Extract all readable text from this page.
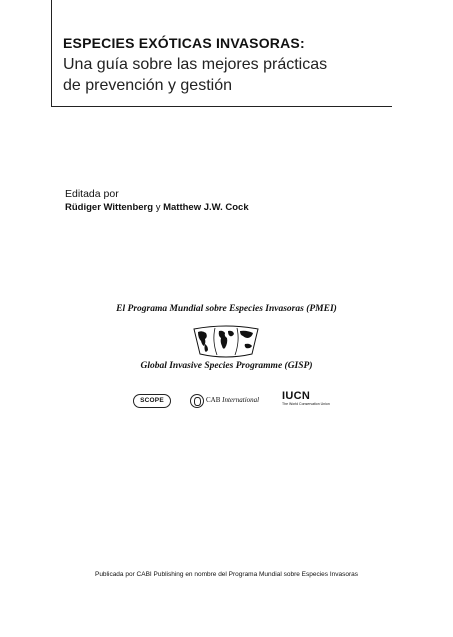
ESPECIES EXÓTICAS INVASORAS:
Una guía sobre las mejores prácticas
de prevención y gestión
Editada por
Rüdiger Wittenberg y Matthew J.W. Cock
El Programa Mundial sobre Especies Invasoras (PMEI)
Global Invasive Species Programme (GISP)
SCOPE	CAB International IUCN
The World Conservation Union
Publicada por CABI Publishing en nombre del Programa Mundial sobre Especies Invasoras
